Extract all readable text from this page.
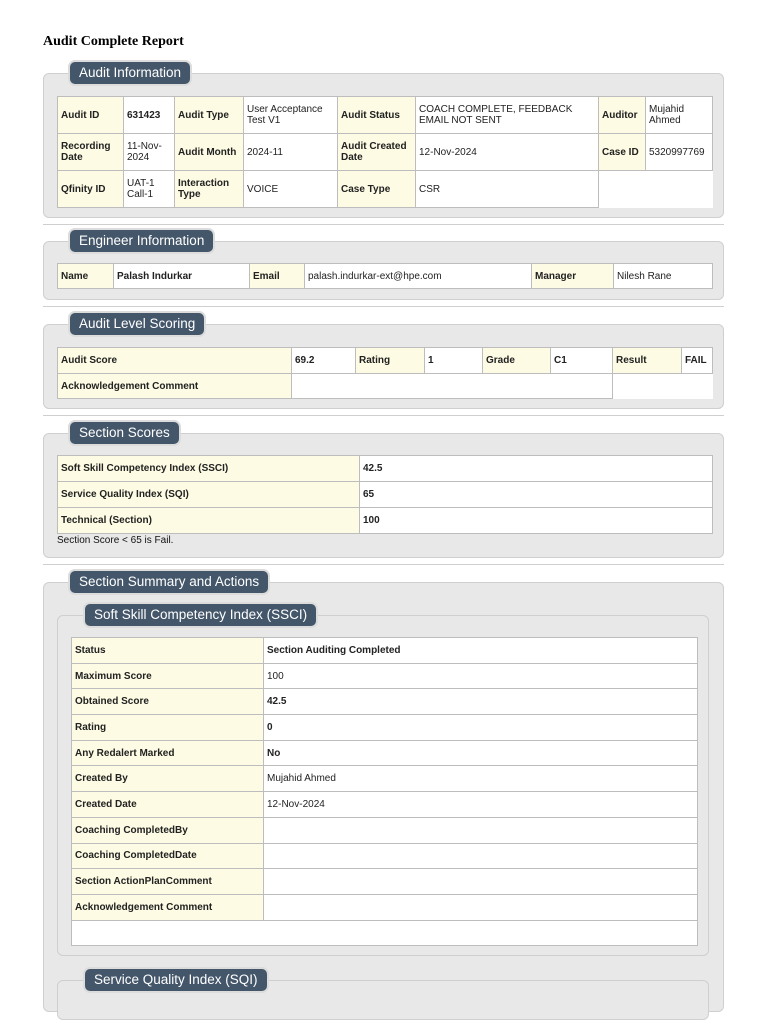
Audit Complete Report
Audit Information
Audit ID	631423	Audit Type	User Acceptance Test V1	Audit Status	COACH COMPLETE, FEEDBACK EMAIL NOT SENT	Auditor	Mujahid Ahmed
Recording Date	11-Nov-2024	Audit Month	2024-11	Audit Created Date	12-Nov-2024	Case ID	5320997769
Qfinity ID	UAT-1 Call-1	Interaction Type	VOICE	Case Type	CSR		
Engineer Information
Name	Palash Indurkar	Email	palash.indurkar-ext@hpe.com	Manager	Nilesh Rane
Audit Level Scoring
Audit Score	69.2	Rating	1	Grade	C1	Result	FAIL
Acknowledgement Comment							
Section Scores
Soft Skill Competency Index (SSCI)	42.5
Service Quality Index (SQI)	65
Technical (Section)	100
Section Score < 65 is Fail.
Section Summary and Actions
Soft Skill Competency Index (SSCI)
Status	Section Auditing Completed
Maximum Score	100
Obtained Score	42.5
Rating	0
Any Redalert Marked	No
Created By	Mujahid Ahmed
Created Date	12-Nov-2024
Coaching CompletedBy	
Coaching CompletedDate	
Section ActionPlanComment	
Acknowledgement Comment	

Service Quality Index (SQI)
